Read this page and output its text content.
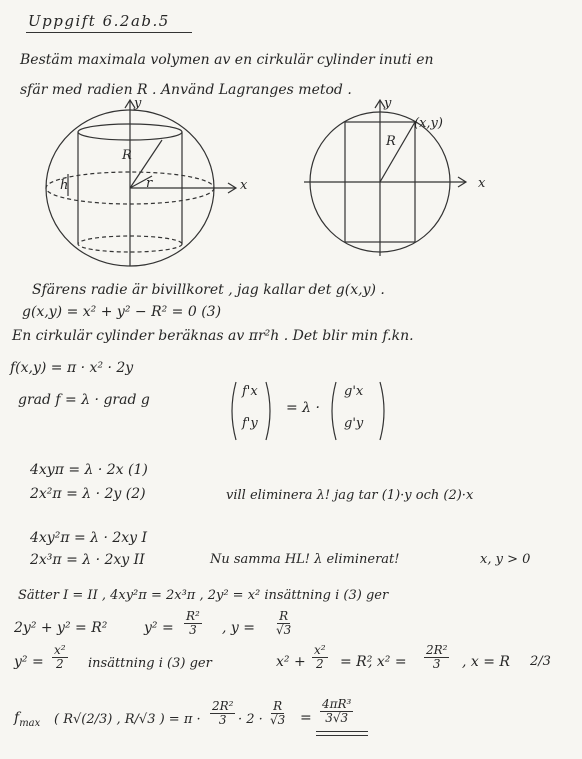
Uppgift 6.2ab.5
Bestäm maximala volymen av en cirkulär cylinder inuti en
sfär med radien R . Använd Lagranges metod .
y
x
R
r
h
y
x
R
(x,y)
Sfärens radie är bivillkoret , jag kallar det g(x,y) .
g(x,y) = x² + y² − R² = 0 (3)
En cirkulär cylinder beräknas av πr²h . Det blir min f.kn.
f(x,y) = π · x² · 2y
grad f = λ · grad g
f'x
f'y
= λ ·
g'x
g'y
4xyπ = λ · 2x (1)
2x²π = λ · 2y (2)	vill eliminera λ! jag tar (1)·y och (2)·x
4xy²π = λ · 2xy I
2x³π = λ · 2xy II	Nu samma HL! λ eliminerat!	x, y > 0
Sätter I = II , 4xy²π = 2x³π , 2y² = x² insättning i (3) ger
2y² + y² = R²	$y^2 = \frac{\text{R²}}{3}$ , $y = \frac{R}{√3}$
$y^2 = \frac{\text{x²}}{2}$ insättning i (3) ger	$x^2 + \frac{\text{x²}}{2} = R^2$
, $x^2 = \frac{\text{2R²}}{3}$ , x = R 2/3
$f_{max}$ ( R√(2/3) , R/√3 ) = $\pi \cdot \frac{\text{2R²}}{3} \cdot 2 \cdot \frac{R}{√3} = \frac{\text{4πR³}}{3√3}$
